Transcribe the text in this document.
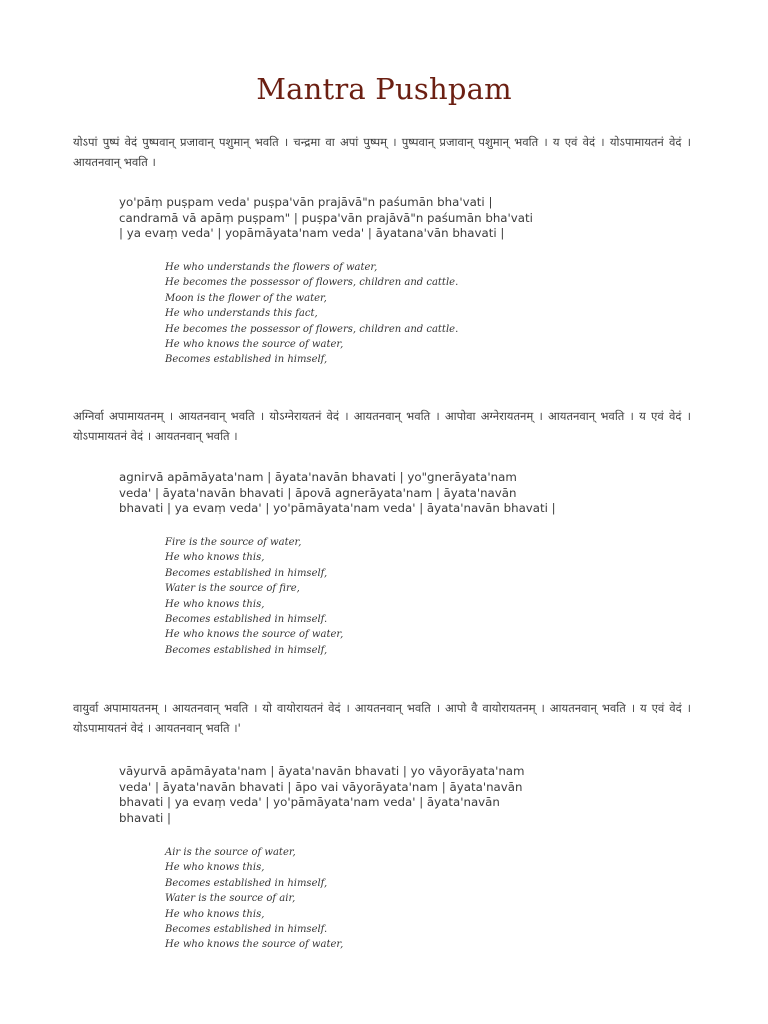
Mantra Pushpam
योऽपां पुष्पं वेदं पुष्पवान् प्रजावान् पशुमान् भवति । चन्द्रमा वा अपां पुष्पम् । पुष्पवान् प्रजावान् पशुमान् भवति । य एवं वेदं । योऽपामायतनं वेदं । आयतनवान् भवति ।
yo'pāṃ puṣpam veda' puṣpa'vān prajāvā"n paśumān bha'vati |
candramā vā apāṃ puṣpam" | puṣpa'vān prajāvā"n paśumān bha'vati
| ya evaṃ veda' | yopāmāyata'nam veda' | āyatana'vān bhavati |
He who understands the flowers of water,
He becomes the possessor of flowers, children and cattle.
Moon is the flower of the water,
He who understands this fact,
He becomes the possessor of flowers, children and cattle.
He who knows the source of water,
Becomes established in himself,
अग्निर्वा अपामायतनम् । आयतनवान् भवति । योऽग्नेरायतनं वेदं । आयतनवान् भवति । आपोवा अग्नेरायतनम् । आयतनवान् भवति । य एवं वेदं । योऽपामायतनं वेदं । आयतनवान् भवति ।
agnirvā apāmāyata'nam | āyata'navān bhavati | yo"gnerāyata'nam
veda' | āyata'navān bhavati | āpovā agnerāyata'nam | āyata'navān
bhavati | ya evaṃ veda' | yo'pāmāyata'nam veda' | āyata'navān bhavati |
Fire is the source of water,
He who knows this,
Becomes established in himself,
Water is the source of fire,
He who knows this,
Becomes established in himself.
He who knows the source of water,
Becomes established in himself,
वायुर्वा अपामायतनम् । आयतनवान् भवति । यो वायोरायतनं वेदं । आयतनवान् भवति । आपो वै वायोरायतनम् । आयतनवान् भवति । य एवं वेदं । योऽपामायतनं वेदं । आयतनवान् भवति ।'
vāyurvā apāmāyata'nam | āyata'navān bhavati | yo vāyorāyata'nam
veda' | āyata'navān bhavati | āpo vai vāyorāyata'nam | āyata'navān
bhavati | ya evaṃ veda' | yo'pāmāyata'nam veda' | āyata'navān
bhavati |
Air is the source of water,
He who knows this,
Becomes established in himself,
Water is the source of air,
He who knows this,
Becomes established in himself.
He who knows the source of water,
